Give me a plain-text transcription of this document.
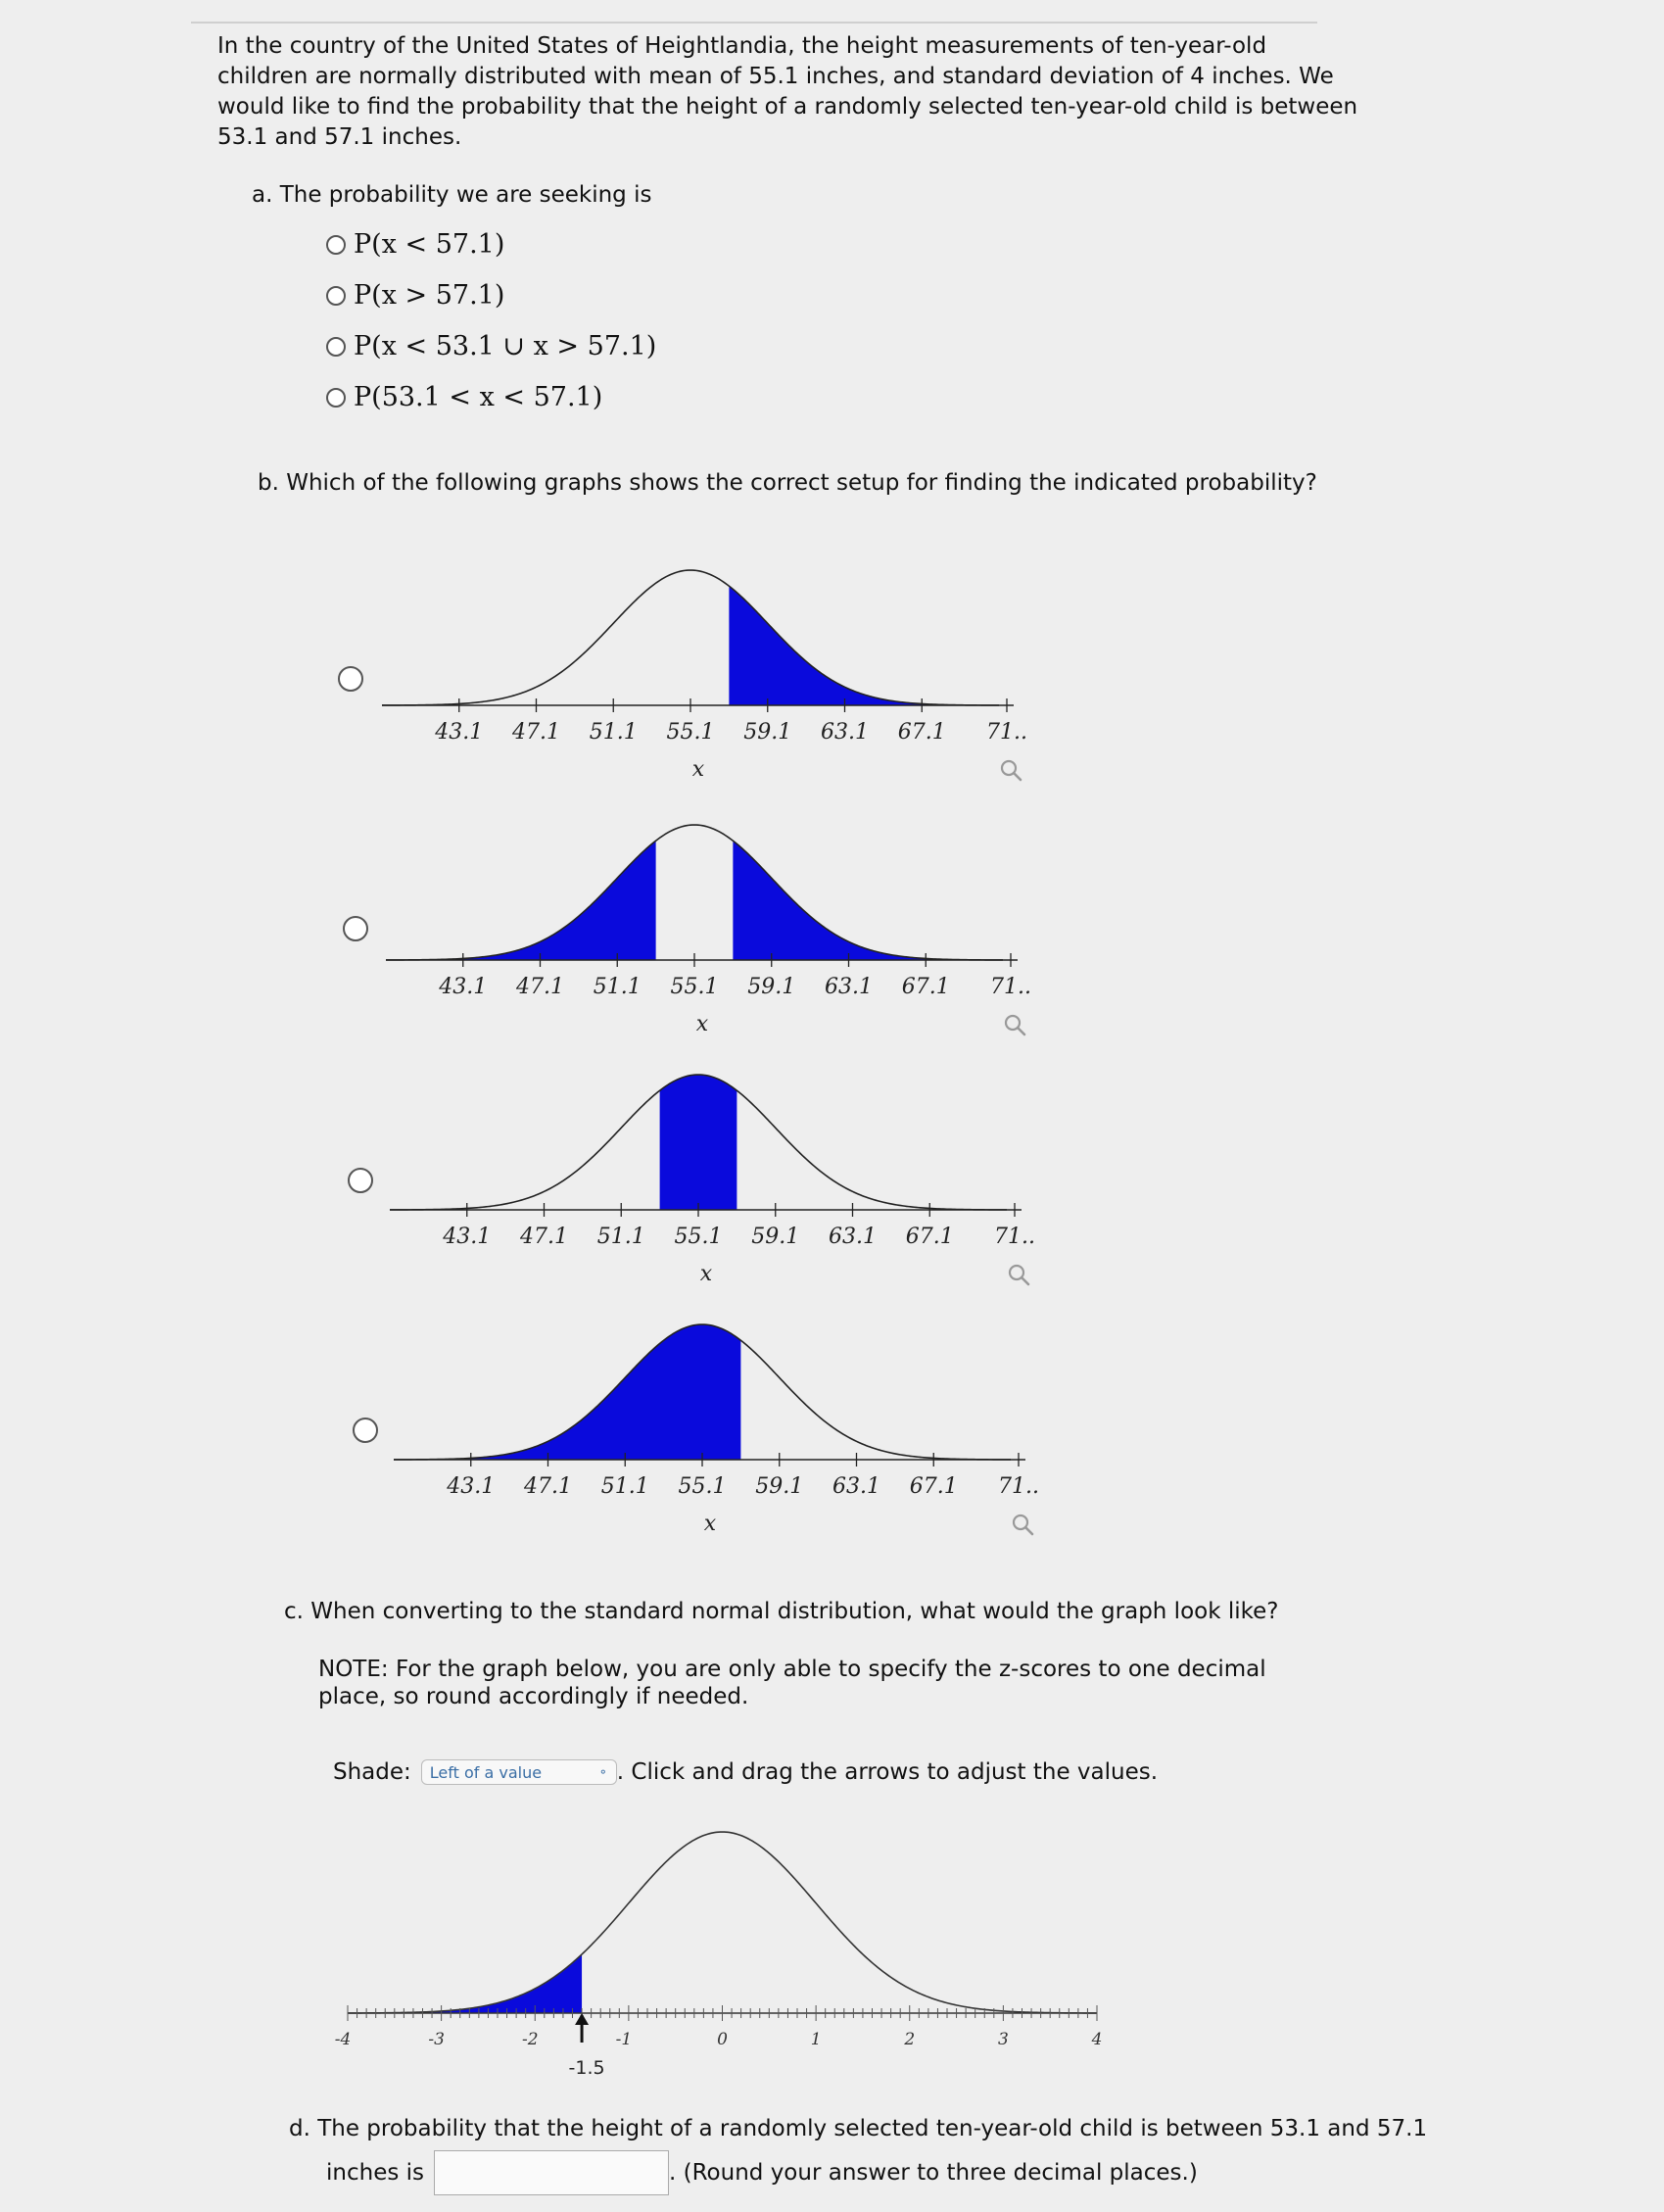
In the country of the United States of Heightlandia, the height measurements of ten-year-old children are normally distributed with mean of 55.1 inches, and standard deviation of 4 inches. We would like to find the probability that the height of a randomly selected ten-year-old child is between 53.1 and 57.1 inches.
a. The probability we are seeking is
P(x < 57.1)
P(x > 57.1)
P(x < 53.1 ∪ x > 57.1)
P(53.1 < x < 57.1)
b. Which of the following graphs shows the correct setup for finding the indicated probability?
43.1 47.1 51.1 55.1 59.1 63.1 67.1 71..
x
43.1 47.1 51.1 55.1 59.1 63.1 67.1 71..
x
43.1 47.1 51.1 55.1 59.1 63.1 67.1 71..
x
43.1 47.1 51.1 55.1 59.1 63.1 67.1 71..
x
c. When converting to the standard normal distribution, what would the graph look like?
NOTE: For the graph below, you are only able to specify the z-scores to one decimal place, so round accordingly if needed.
Shade: Left of a value	⚬ . Click and drag the arrows to adjust the values.
-4	-3	-2	-1	0	1	2	3	4
-1.5
d. The probability that the height of a randomly selected ten-year-old child is between 53.1 and 57.1
inches is	. (Round your answer to three decimal places.)
